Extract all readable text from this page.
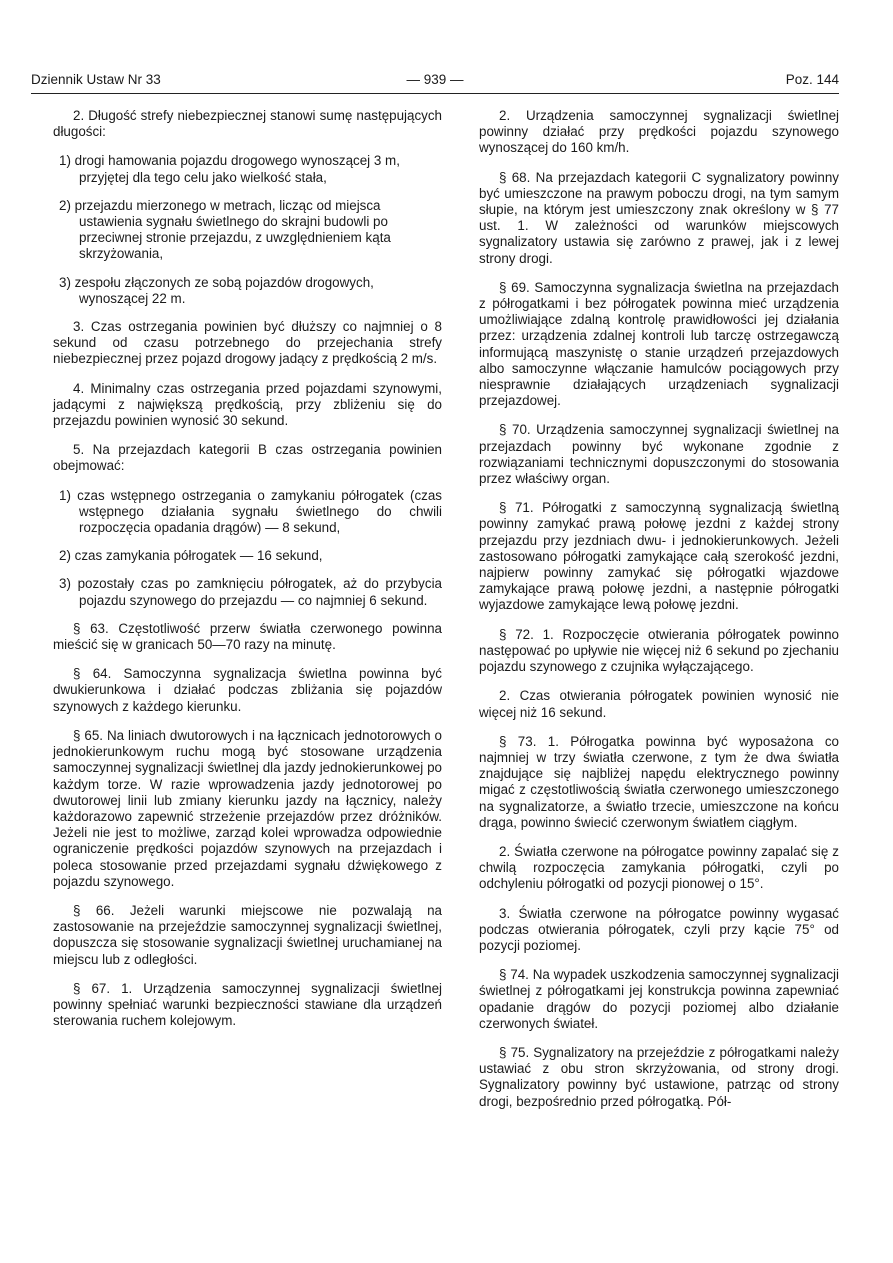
Dziennik Ustaw Nr 33	— 939 —	Poz. 144

2. Długość strefy niebezpiecznej stanowi sumę następujących długości:

1) drogi hamowania pojazdu drogowego wynoszącej 3 m, przyjętej dla tego celu jako wielkość stała,

2) przejazdu mierzonego w metrach, licząc od miejsca ustawienia sygnału świetlnego do skrajni budowli po przeciwnej stronie przejazdu, z uwzględnieniem kąta skrzyżowania,

3) zespołu złączonych ze sobą pojazdów drogowych, wynoszącej 22 m.

3. Czas ostrzegania powinien być dłuższy co najmniej o 8 sekund od czasu potrzebnego do przejechania strefy niebezpiecznej przez pojazd drogowy jadący z prędkością 2 m/s.

4. Minimalny czas ostrzegania przed pojazdami szynowymi, jadącymi z największą prędkością, przy zbliżeniu się do przejazdu powinien wynosić 30 sekund.

5. Na przejazdach kategorii B czas ostrzegania powinien obejmować:

1) czas wstępnego ostrzegania o zamykaniu półrogatek (czas wstępnego działania sygnału świetlnego do chwili rozpoczęcia opadania drągów) — 8 sekund,

2) czas zamykania półrogatek — 16 sekund,

3) pozostały czas po zamknięciu półrogatek, aż do przybycia pojazdu szynowego do przejazdu — co najmniej 6 sekund.

§ 63. Częstotliwość przerw światła czerwonego powinna mieścić się w granicach 50—70 razy na minutę.

§ 64. Samoczynna sygnalizacja świetlna powinna być dwukierunkowa i działać podczas zbliżania się pojazdów szynowych z każdego kierunku.

§ 65. Na liniach dwutorowych i na łącznicach jednotorowych o jednokierunkowym ruchu mogą być stosowane urządzenia samoczynnej sygnalizacji świetlnej dla jazdy jednokierunkowej po każdym torze. W razie wprowadzenia jazdy jednotorowej po dwutorowej linii lub zmiany kierunku jazdy na łącznicy, należy każdorazowo zapewnić strzeżenie przejazdów przez dróżników. Jeżeli nie jest to możliwe, zarząd kolei wprowadza odpowiednie ograniczenie prędkości pojazdów szynowych na przejazdach i poleca stosowanie przed przejazdami sygnału dźwiękowego z pojazdu szynowego.

§ 66. Jeżeli warunki miejscowe nie pozwalają na zastosowanie na przejeździe samoczynnej sygnalizacji świetlnej, dopuszcza się stosowanie sygnalizacji świetlnej uruchamianej na miejscu lub z odległości.

§ 67. 1. Urządzenia samoczynnej sygnalizacji świetlnej powinny spełniać warunki bezpieczności stawiane dla urządzeń sterowania ruchem kolejowym.

2. Urządzenia samoczynnej sygnalizacji świetlnej powinny działać przy prędkości pojazdu szynowego wynoszącej do 160 km/h.

§ 68. Na przejazdach kategorii C sygnalizatory powinny być umieszczone na prawym poboczu drogi, na tym samym słupie, na którym jest umieszczony znak określony w § 77 ust. 1. W zależności od warunków miejscowych sygnalizatory ustawia się zarówno z prawej, jak i z lewej strony drogi.

§ 69. Samoczynna sygnalizacja świetlna na przejazdach z półrogatkami i bez półrogatek powinna mieć urządzenia umożliwiające zdalną kontrolę prawidłowości jej działania przez: urządzenia zdalnej kontroli lub tarczę ostrzegawczą informującą maszynistę o stanie urządzeń przejazdowych albo samoczynne włączanie hamulców pociągowych przy niesprawnie działających urządzeniach sygnalizacji przejazdowej.

§ 70. Urządzenia samoczynnej sygnalizacji świetlnej na przejazdach powinny być wykonane zgodnie z rozwiązaniami technicznymi dopuszczonymi do stosowania przez właściwy organ.

§ 71. Półrogatki z samoczynną sygnalizacją świetlną powinny zamykać prawą połowę jezdni z każdej strony przejazdu przy jezdniach dwu- i jednokierunkowych. Jeżeli zastosowano półrogatki zamykające całą szerokość jezdni, najpierw powinny zamykać się półrogatki wjazdowe zamykające prawą połowę jezdni, a następnie półrogatki wyjazdowe zamykające lewą połowę jezdni.

§ 72. 1. Rozpoczęcie otwierania półrogatek powinno następować po upływie nie więcej niż 6 sekund po zjechaniu pojazdu szynowego z czujnika wyłączającego.

2. Czas otwierania półrogatek powinien wynosić nie więcej niż 16 sekund.

§ 73. 1. Półrogatka powinna być wyposażona co najmniej w trzy światła czerwone, z tym że dwa światła znajdujące się najbliżej napędu elektrycznego powinny migać z częstotliwością światła czerwonego umieszczonego na sygnalizatorze, a światło trzecie, umieszczone na końcu drąga, powinno świecić czerwonym światłem ciągłym.

2. Światła czerwone na półrogatce powinny zapalać się z chwilą rozpoczęcia zamykania półrogatki, czyli po odchyleniu półrogatki od pozycji pionowej o 15°.

3. Światła czerwone na półrogatce powinny wygasać podczas otwierania półrogatek, czyli przy kącie 75° od pozycji poziomej.

§ 74. Na wypadek uszkodzenia samoczynnej sygnalizacji świetlnej z półrogatkami jej konstrukcja powinna zapewniać opadanie drągów do pozycji poziomej albo działanie czerwonych świateł.

§ 75. Sygnalizatory na przejeździe z półrogatkami należy ustawiać z obu stron skrzyżowania, od strony drogi. Sygnalizatory powinny być ustawione, patrząc od strony drogi, bezpośrednio przed półrogatką. Pół-
